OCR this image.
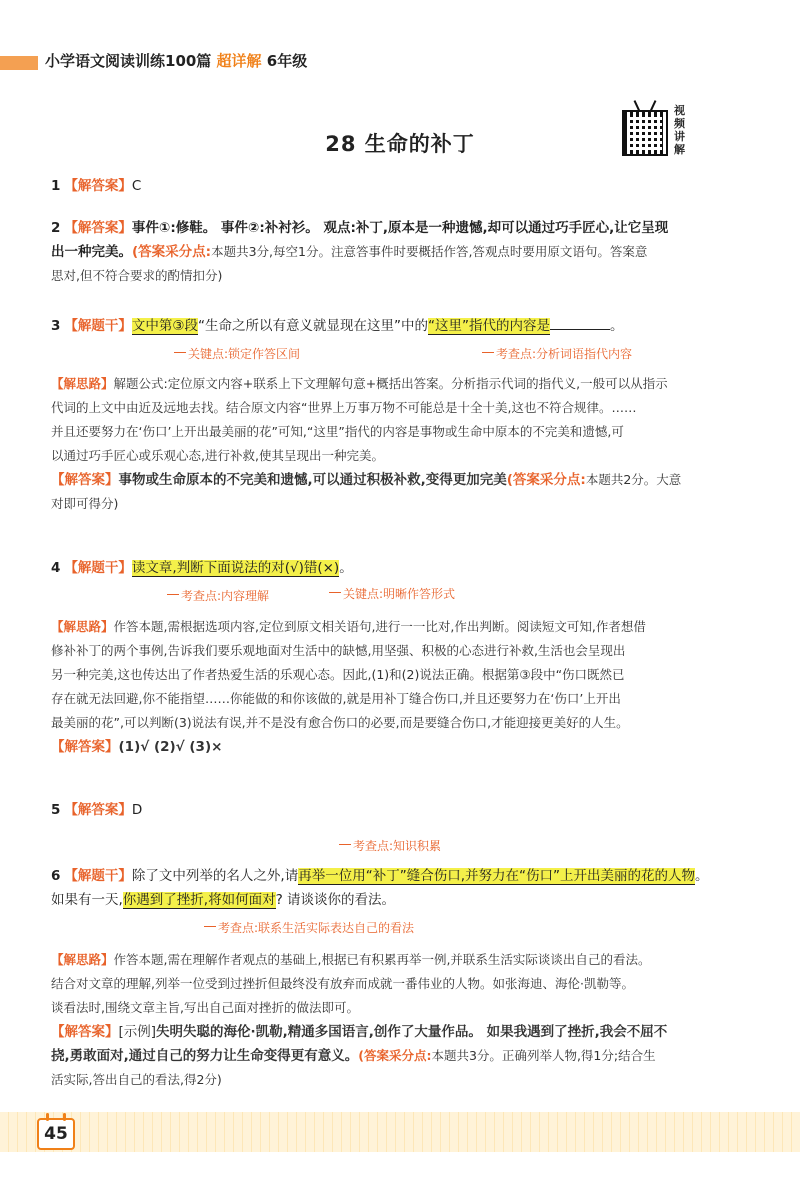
小学语文阅读训练100篇 超详解 6年级
28 生命的补丁
视频讲解
1 【解答案】C

2 【解答案】事件①:修鞋。 事件②:补衬衫。 观点:补丁,原本是一种遗憾,却可以通过巧手匠心,让它呈现

出一种完美。(答案采分点:本题共3分,每空1分。注意答事件时要概括作答,答观点时要用原文语句。答案意

思对,但不符合要求的酌情扣分)

3 【解题干】文中第③段“生命之所以有意义就显现在这里”中的“这里”指代的内容是	。

关键点:锁定作答区间	考查点:分析词语指代内容

【解思路】解题公式:定位原文内容+联系上下文理解句意+概括出答案。分析指示代词的指代义,一般可以从指示

代词的上文中由近及远地去找。结合原文内容“世界上万事万物不可能总是十全十美,这也不符合规律。……

并且还要努力在‘伤口’上开出最美丽的花”可知,“这里”指代的内容是事物或生命中原本的不完美和遗憾,可

以通过巧手匠心或乐观心态,进行补救,使其呈现出一种完美。

【解答案】事物或生命原本的不完美和遗憾,可以通过积极补救,变得更加完美(答案采分点:本题共2分。大意

对即可得分)

4 【解题干】读文章,判断下面说法的对(√)错(×)。

考查点:内容理解	关键点:明晰作答形式

【解思路】作答本题,需根据选项内容,定位到原文相关语句,进行一一比对,作出判断。阅读短文可知,作者想借

修补补丁的两个事例,告诉我们要乐观地面对生活中的缺憾,用坚强、积极的心态进行补救,生活也会呈现出

另一种完美,这也传达出了作者热爱生活的乐观心态。因此,(1)和(2)说法正确。根据第③段中“伤口既然已

存在就无法回避,你不能指望……你能做的和你该做的,就是用补丁缝合伤口,并且还要努力在‘伤口’上开出

最美丽的花”,可以判断(3)说法有误,并不是没有愈合伤口的必要,而是要缝合伤口,才能迎接更美好的人生。

【解答案】(1)√ (2)√ (3)×

5 【解答案】D
考查点:知识积累

6 【解题干】除了文中列举的名人之外,请再举一位用“补丁”缝合伤口,并努力在“伤口”上开出美丽的花的人物。

如果有一天,你遇到了挫折,将如何面对? 请谈谈你的看法。

考查点:联系生活实际表达自己的看法

【解思路】作答本题,需在理解作者观点的基础上,根据已有积累再举一例,并联系生活实际谈谈出自己的看法。

结合对文章的理解,列举一位受到过挫折但最终没有放弃而成就一番伟业的人物。如张海迪、海伦·凯勒等。

谈看法时,围绕文章主旨,写出自己面对挫折的做法即可。

【解答案】[示例]失明失聪的海伦·凯勒,精通多国语言,创作了大量作品。 如果我遇到了挫折,我会不屈不

挠,勇敢面对,通过自己的努力让生命变得更有意义。(答案采分点:本题共3分。正确列举人物,得1分;结合生

活实际,答出自己的看法,得2分)

45
